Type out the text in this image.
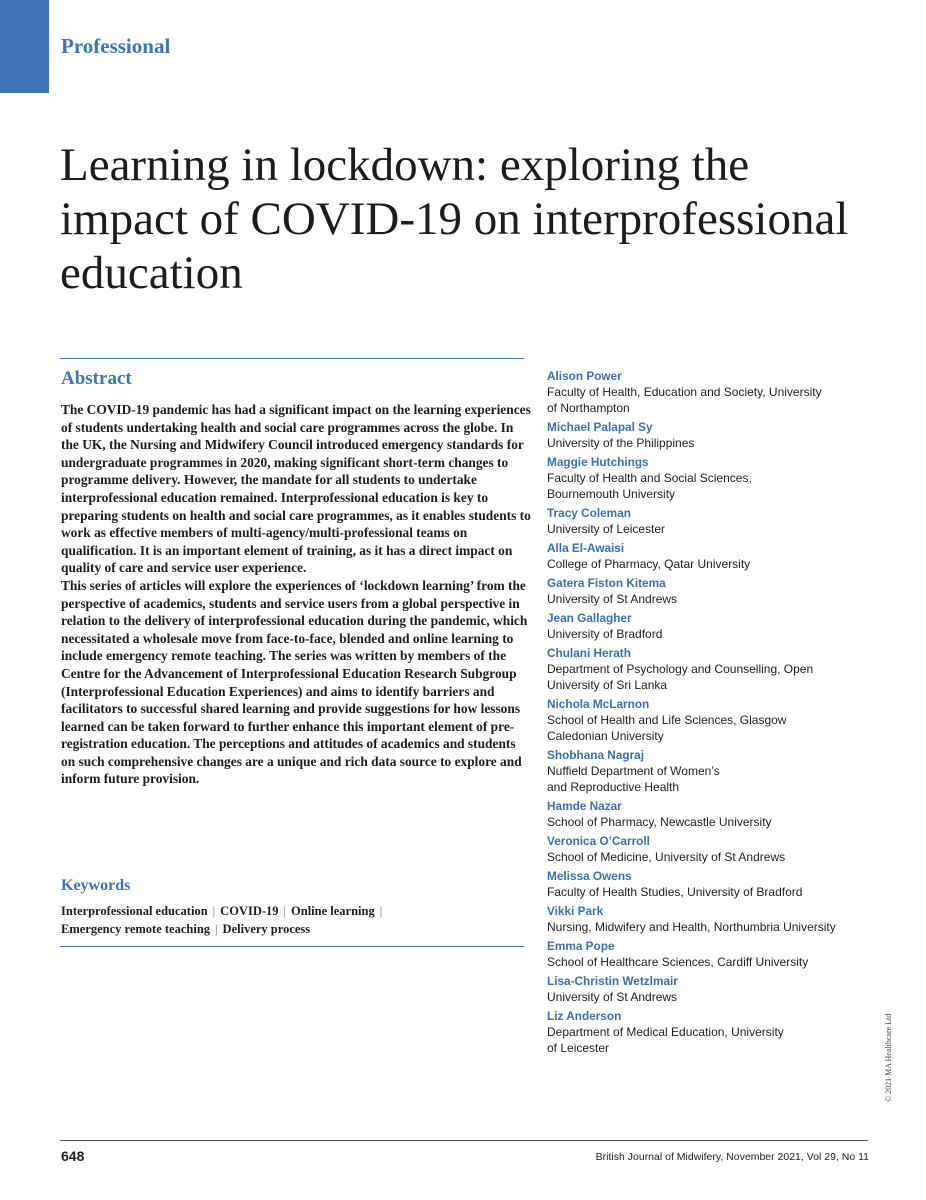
Professional
Learning in lockdown: exploring the impact of COVID-19 on interprofessional education
Abstract

The COVID-19 pandemic has had a significant impact on the learning experiences of students undertaking health and social care programmes across the globe. In the UK, the Nursing and Midwifery Council introduced emergency standards for undergraduate programmes in 2020, making significant short-term changes to programme delivery. However, the mandate for all students to undertake interprofessional education remained. Interprofessional education is key to preparing students on health and social care programmes, as it enables students to work as effective members of multi-agency/multi-professional teams on qualification. It is an important element of training, as it has a direct impact on quality of care and service user experience.

This series of articles will explore the experiences of ‘lockdown learning’ from the perspective of academics, students and service users from a global perspective in relation to the delivery of interprofessional education during the pandemic, which necessitated a wholesale move from face-to-face, blended and online learning to include emergency remote teaching. The series was written by members of the Centre for the Advancement of Interprofessional Education Research Subgroup (Interprofessional Education Experiences) and aims to identify barriers and facilitators to successful shared learning and provide suggestions for how lessons learned can be taken forward to further enhance this important element of pre-registration education. The perceptions and attitudes of academics and students on such comprehensive changes are a unique and rich data source to explore and inform future provision.

Keywords
Interprofessional education | COVID-19 | Online learning |
Emergency remote teaching | Delivery process
Alison Power
Faculty of Health, Education and Society, University
of Northampton
Michael Palapal Sy
University of the Philippines
Maggie Hutchings
Faculty of Health and Social Sciences,
Bournemouth University
Tracy Coleman
University of Leicester
Alla El-Awaisi
College of Pharmacy, Qatar University
Gatera Fiston Kitema
University of St Andrews
Jean Gallagher
University of Bradford
Chulani Herath
Department of Psychology and Counselling, Open
University of Sri Lanka
Nichola McLarnon
School of Health and Life Sciences, Glasgow
Caledonian University
Shobhana Nagraj
Nuffield Department of Women’s
and Reproductive Health
Hamde Nazar
School of Pharmacy, Newcastle University
Veronica O’Carroll
School of Medicine, University of St Andrews
Melissa Owens
Faculty of Health Studies, University of Bradford
Vikki Park
Nursing, Midwifery and Health, Northumbria University
Emma Pope
School of Healthcare Sciences, Cardiff University
Lisa-Christin Wetzlmair
University of St Andrews
Liz Anderson
Department of Medical Education, University
of Leicester	© 2021 MA Healthcare Ltd
648	British Journal of Midwifery, November 2021, Vol 29, No 11
